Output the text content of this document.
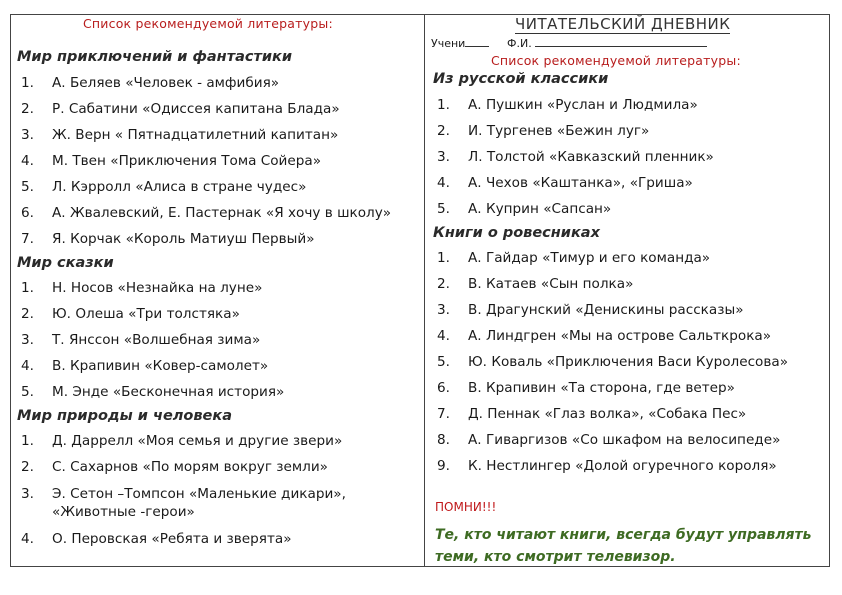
Список рекомендуемой литературы:
Мир приключений и фантастики
1. А. Беляев «Человек - амфибия»
2. Р. Сабатини «Одиссея капитана Блада»
3. Ж. Верн « Пятнадцатилетний капитан»
4. М. Твен «Приключения Тома Сойера»
5. Л. Кэрролл «Алиса в стране чудес»
6. А. Жвалевский, Е. Пастернак «Я хочу в школу»
7. Я. Корчак «Король Матиуш Первый»
Мир сказки
1. Н. Носов «Незнайка на луне»
2. Ю. Олеша «Три толстяка»
3. Т. Янссон «Волшебная зима»
4. В. Крапивин «Ковер-самолет»
5. М. Энде «Бесконечная история»
Мир природы и человека
1. Д. Даррелл «Моя семья и другие звери»
2. С. Сахарнов «По морям вокруг земли»
3. Э. Сетон –Томпсон «Маленькие дикари»,
«Животные -герои»
4. О. Перовская «Ребята и зверята»
ЧИТАТЕЛЬСКИЙ ДНЕВНИК
Учени	Ф.И.
Список рекомендуемой литературы:
Из русской классики
1. А. Пушкин «Руслан и Людмила»
2. И. Тургенев «Бежин луг»
3. Л. Толстой «Кавказский пленник»
4. А. Чехов «Каштанка», «Гриша»
5. А. Куприн «Сапсан»
Книги о ровесниках
1. А. Гайдар «Тимур и его команда»
2. В. Катаев «Сын полка»
3. В. Драгунский «Денискины рассказы»
4. А. Линдгрен «Мы на острове Сальткрока»
5. Ю. Коваль «Приключения Васи Куролесова»
6. В. Крапивин «Та сторона, где ветер»
7. Д. Пеннак «Глаз волка», «Собака Пес»
8. А. Гиваргизов «Со шкафом на велосипеде»
9. К. Нестлингер «Долой огуречного короля»
ПОМНИ!!!
Те, кто читают книги, всегда будут управлять теми, кто смотрит телевизор.
